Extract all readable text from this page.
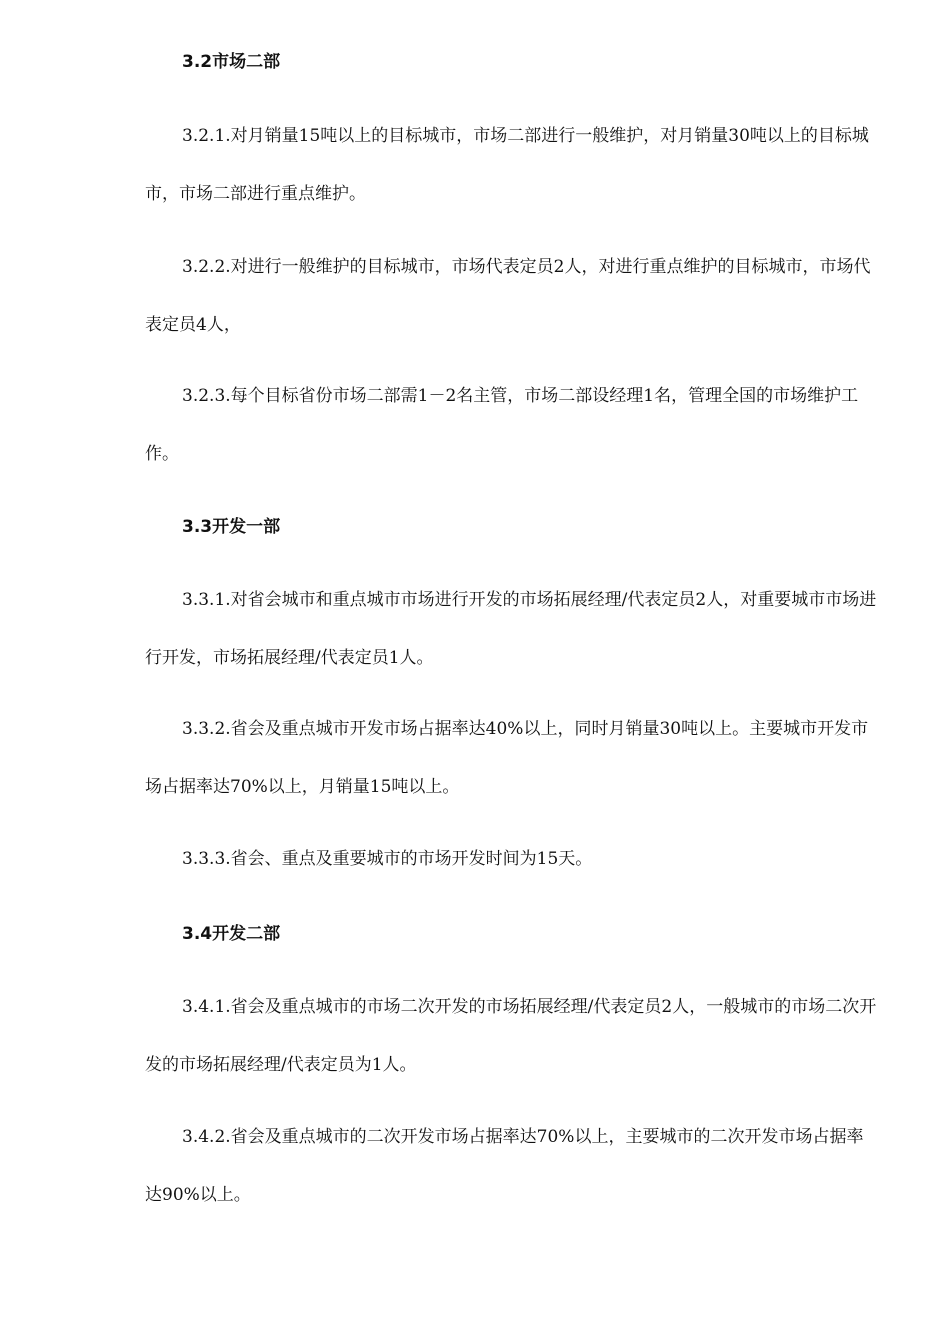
3.2市场二部

3.2.1.对月销量15吨以上的目标城市，市场二部进行一般维护，对月销量30吨以上的目标城市，市场二部进行重点维护。

3.2.2.对进行一般维护的目标城市，市场代表定员2人，对进行重点维护的目标城市，市场代表定员4人，

3.2.3.每个目标省份市场二部需1－2名主管，市场二部设经理1名，管理全国的市场维护工作。

3.3开发一部

3.3.1.对省会城市和重点城市市场进行开发的市场拓展经理/代表定员2人，对重要城市市场进行开发，市场拓展经理/代表定员1人。

3.3.2.省会及重点城市开发市场占据率达40%以上，同时月销量30吨以上。主要城市开发市场占据率达70%以上，月销量15吨以上。

3.3.3.省会、重点及重要城市的市场开发时间为15天。

3.4开发二部

3.4.1.省会及重点城市的市场二次开发的市场拓展经理/代表定员2人，一般城市的市场二次开发的市场拓展经理/代表定员为1人。

3.4.2.省会及重点城市的二次开发市场占据率达70%以上，主要城市的二次开发市场占据率达90%以上。
